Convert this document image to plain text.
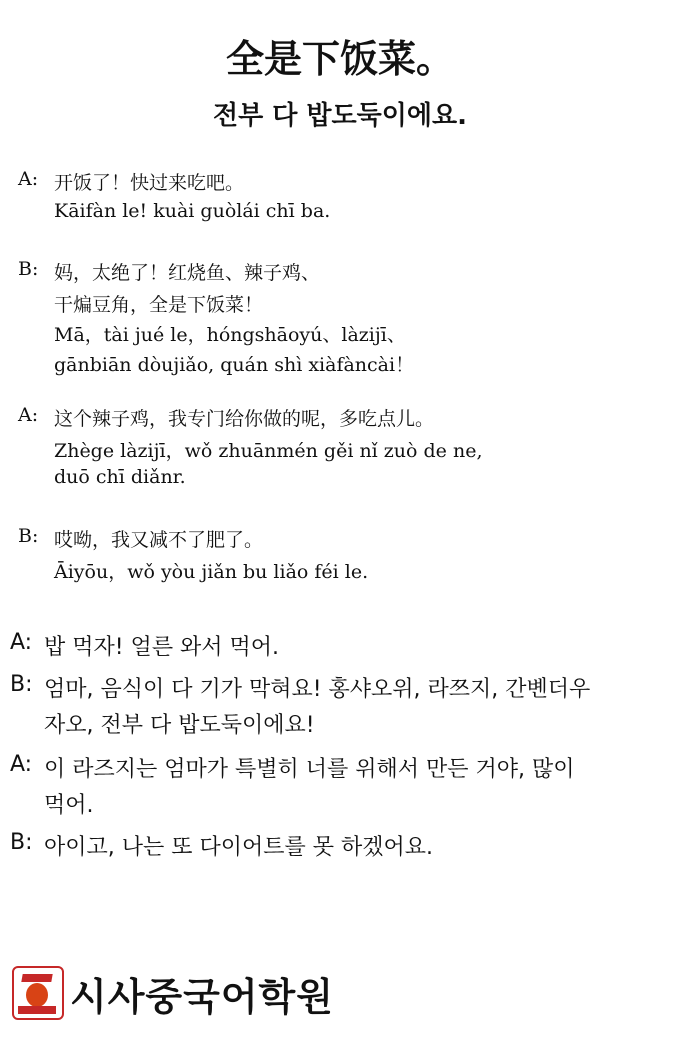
全是下饭菜。
전부 다 밥도둑이에요.
A: 开饭了！快过来吃吧。
Kāifàn le! kuài guòlái chī ba.
B: 妈，太绝了！红烧鱼、辣子鸡、
干煸豆角，全是下饭菜！
Mā，tài jué le，hóngshāoyú、làzijī、
gānbiān dòujiǎo, quán shì xiàfàncài！
A: 这个辣子鸡，我专门给你做的呢，多吃点儿。
Zhège làzijī，wǒ zhuānmén gěi nǐ zuò de ne,
duō chī diǎnr.
B: 哎呦，我又减不了肥了。
Āiyōu，wǒ yòu jiǎn bu liǎo féi le.
A: 밥 먹자! 얼른 와서 먹어.
B: 엄마, 음식이 다 기가 막혀요! 홍샤오위, 라쯔지, 간볜더우
자오, 전부 다 밥도둑이에요!
A: 이 라즈지는 엄마가 특별히 너를 위해서 만든 거야, 많이
먹어.
B: 아이고, 나는 또 다이어트를 못 하겠어요.
시사중국어학원
